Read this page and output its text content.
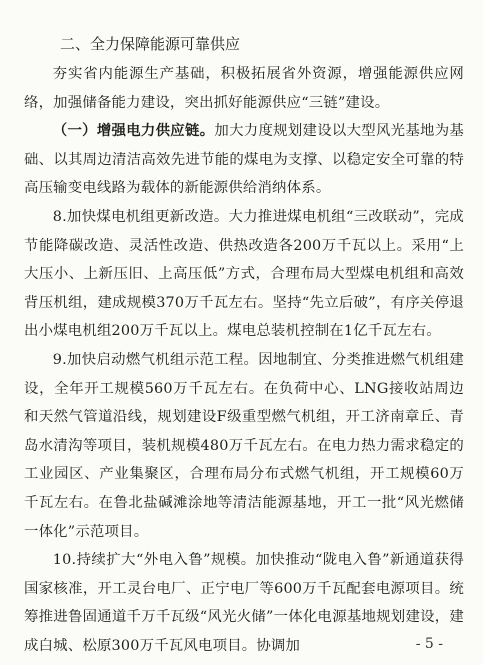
二、全力保障能源可靠供应

夯实省内能源生产基础，积极拓展省外资源，增强能源供应网络，加强储备能力建设，突出抓好能源供应“三链”建设。

（一）增强电力供应链。加大力度规划建设以大型风光基地为基础、以其周边清洁高效先进节能的煤电为支撑、以稳定安全可靠的特高压输变电线路为载体的新能源供给消纳体系。

8.加快煤电机组更新改造。大力推进煤电机组“三改联动”，完成节能降碳改造、灵活性改造、供热改造各200万千瓦以上。采用“上大压小、上新压旧、上高压低”方式，合理布局大型煤电机组和高效背压机组，建成规模370万千瓦左右。坚持“先立后破”，有序关停退出小煤电机组200万千瓦以上。煤电总装机控制在1亿千瓦左右。

9.加快启动燃气机组示范工程。因地制宜、分类推进燃气机组建设，全年开工规模560万千瓦左右。在负荷中心、LNG接收站周边和天然气管道沿线，规划建设F级重型燃气机组，开工济南章丘、青岛水清沟等项目，装机规模480万千瓦左右。在电力热力需求稳定的工业园区、产业集聚区，合理布局分布式燃气机组，开工规模60万千瓦左右。在鲁北盐碱滩涂地等清洁能源基地，开工一批“风光燃储一体化”示范项目。

10.持续扩大“外电入鲁”规模。加快推动“陇电入鲁”新通道获得国家核准，开工灵台电厂、正宁电厂等600万千瓦配套电源项目。统筹推进鲁固通道千万千瓦级“风光火储”一体化电源基地规划建设，建成白城、松原300万千瓦风电项目。协调加	- 5 -
